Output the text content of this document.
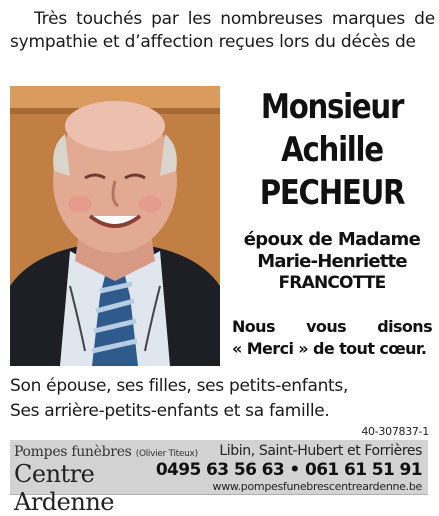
Très touchés par les nombreuses marques de sympathie et d’affection reçues lors du décès de
Monsieur
Achille
PECHEUR
époux de Madame
Marie-Henriette
FRANCOTTE
Nous vous disons
« Merci » de tout cœur.
Son épouse, ses filles, ses petits-enfants,
Ses arrière-petits-enfants et sa famille.
40-307837-1
Pompes funèbres (Olivier Titeux)
Centre Ardenne
Libin, Saint-Hubert et Forrières
0495 63 56 63 • 061 61 51 91
www.pompesfunebrescentreardenne.be
